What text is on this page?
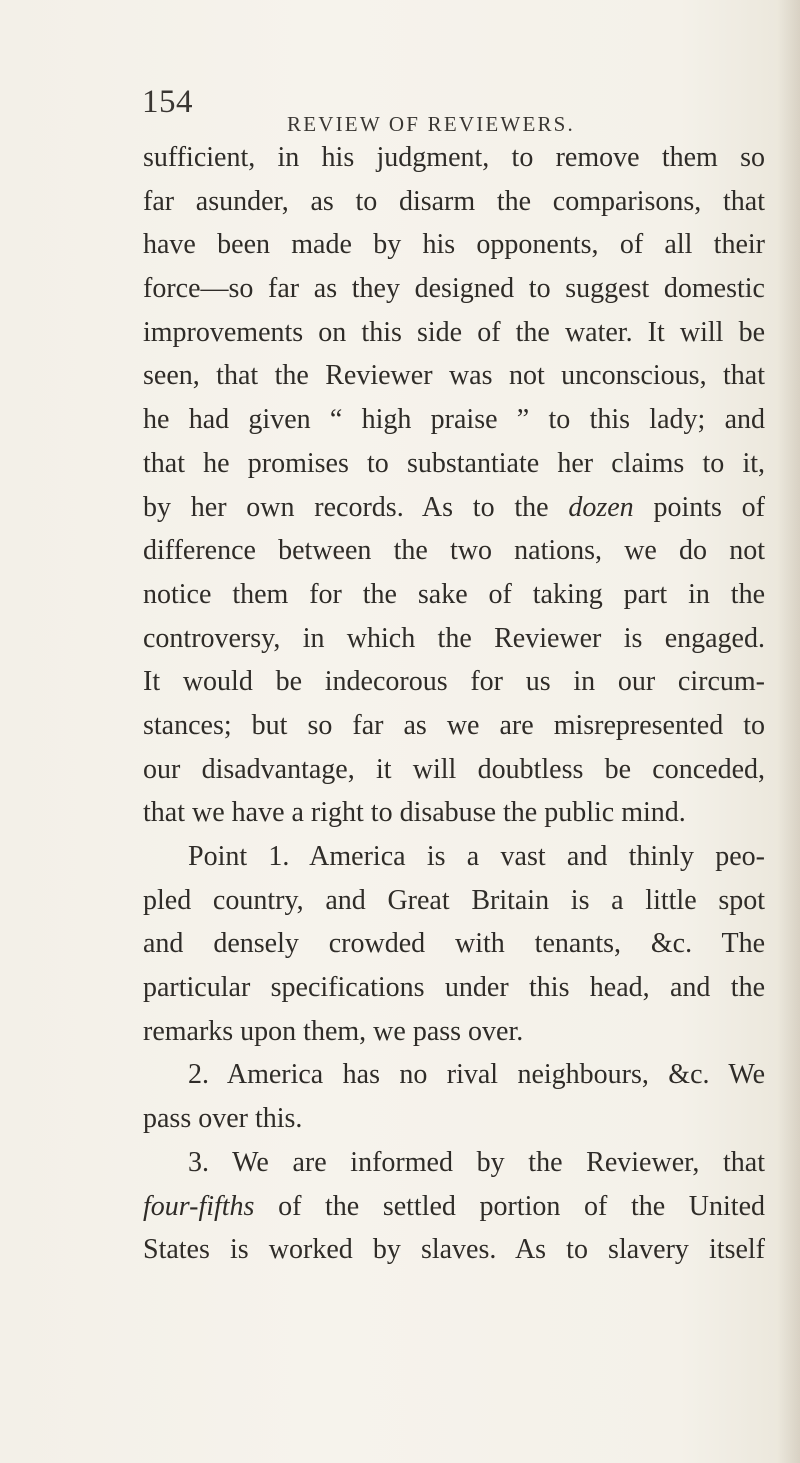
154
REVIEW OF REVIEWERS.
sufficient, in his judgment, to remove them so
far asunder, as to disarm the comparisons, that
have been made by his opponents, of all their
force—so far as they designed to suggest domestic
improvements on this side of the water. It will be
seen, that the Reviewer was not unconscious, that
he had given “ high praise ” to this lady; and
that he promises to substantiate her claims to it,
by her own records. As to the dozen points of
difference between the two nations, we do not
notice them for the sake of taking part in the
controversy, in which the Reviewer is engaged.
It would be indecorous for us in our circum-
stances; but so far as we are misrepresented to
our disadvantage, it will doubtless be conceded,
that we have a right to disabuse the public mind.
Point 1. America is a vast and thinly peo-
pled country, and Great Britain is a little spot
and densely crowded with tenants, &c. The
particular specifications under this head, and the
remarks upon them, we pass over.
2. America has no rival neighbours, &c. We
pass over this.
3. We are informed by the Reviewer, that
four-fifths of the settled portion of the United
States is worked by slaves. As to slavery itself
